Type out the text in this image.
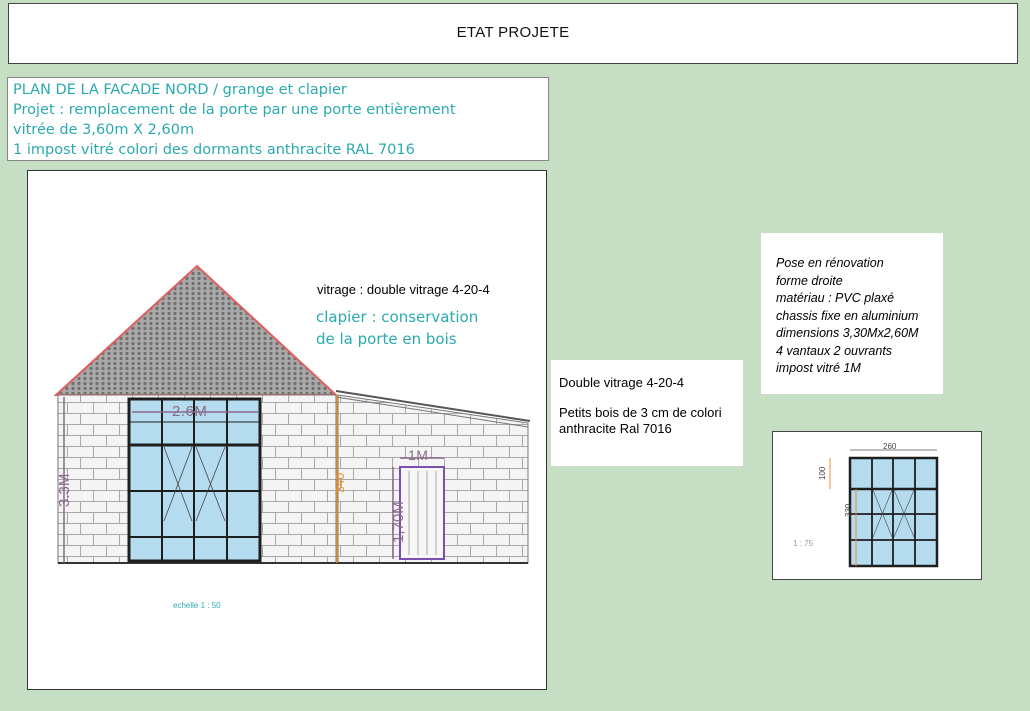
ETAT PROJETE
PLAN DE LA FACADE NORD / grange et clapier
Projet : remplacement de la porte par une porte entièrement
vitrée de 3,60m X 2,60m
1 impost vitré colori des dormants anthracite RAL 7016
vitrage : double vitrage 4-20-4
clapier : conservation
de la porte en bois
2.6M
1M
3.3M
1,70M
340
echelle 1 : 50
Double vitrage 4-20-4
Petits bois de 3 cm de colori
anthracite Ral 7016
Pose en rénovation
forme droite
matériau : PVC plaxé
chassis fixe en aluminium
dimensions 3,30Mx2,60M
4 vantaux 2 ouvrants
impost vitré 1M
260
100
330
1 : 75
